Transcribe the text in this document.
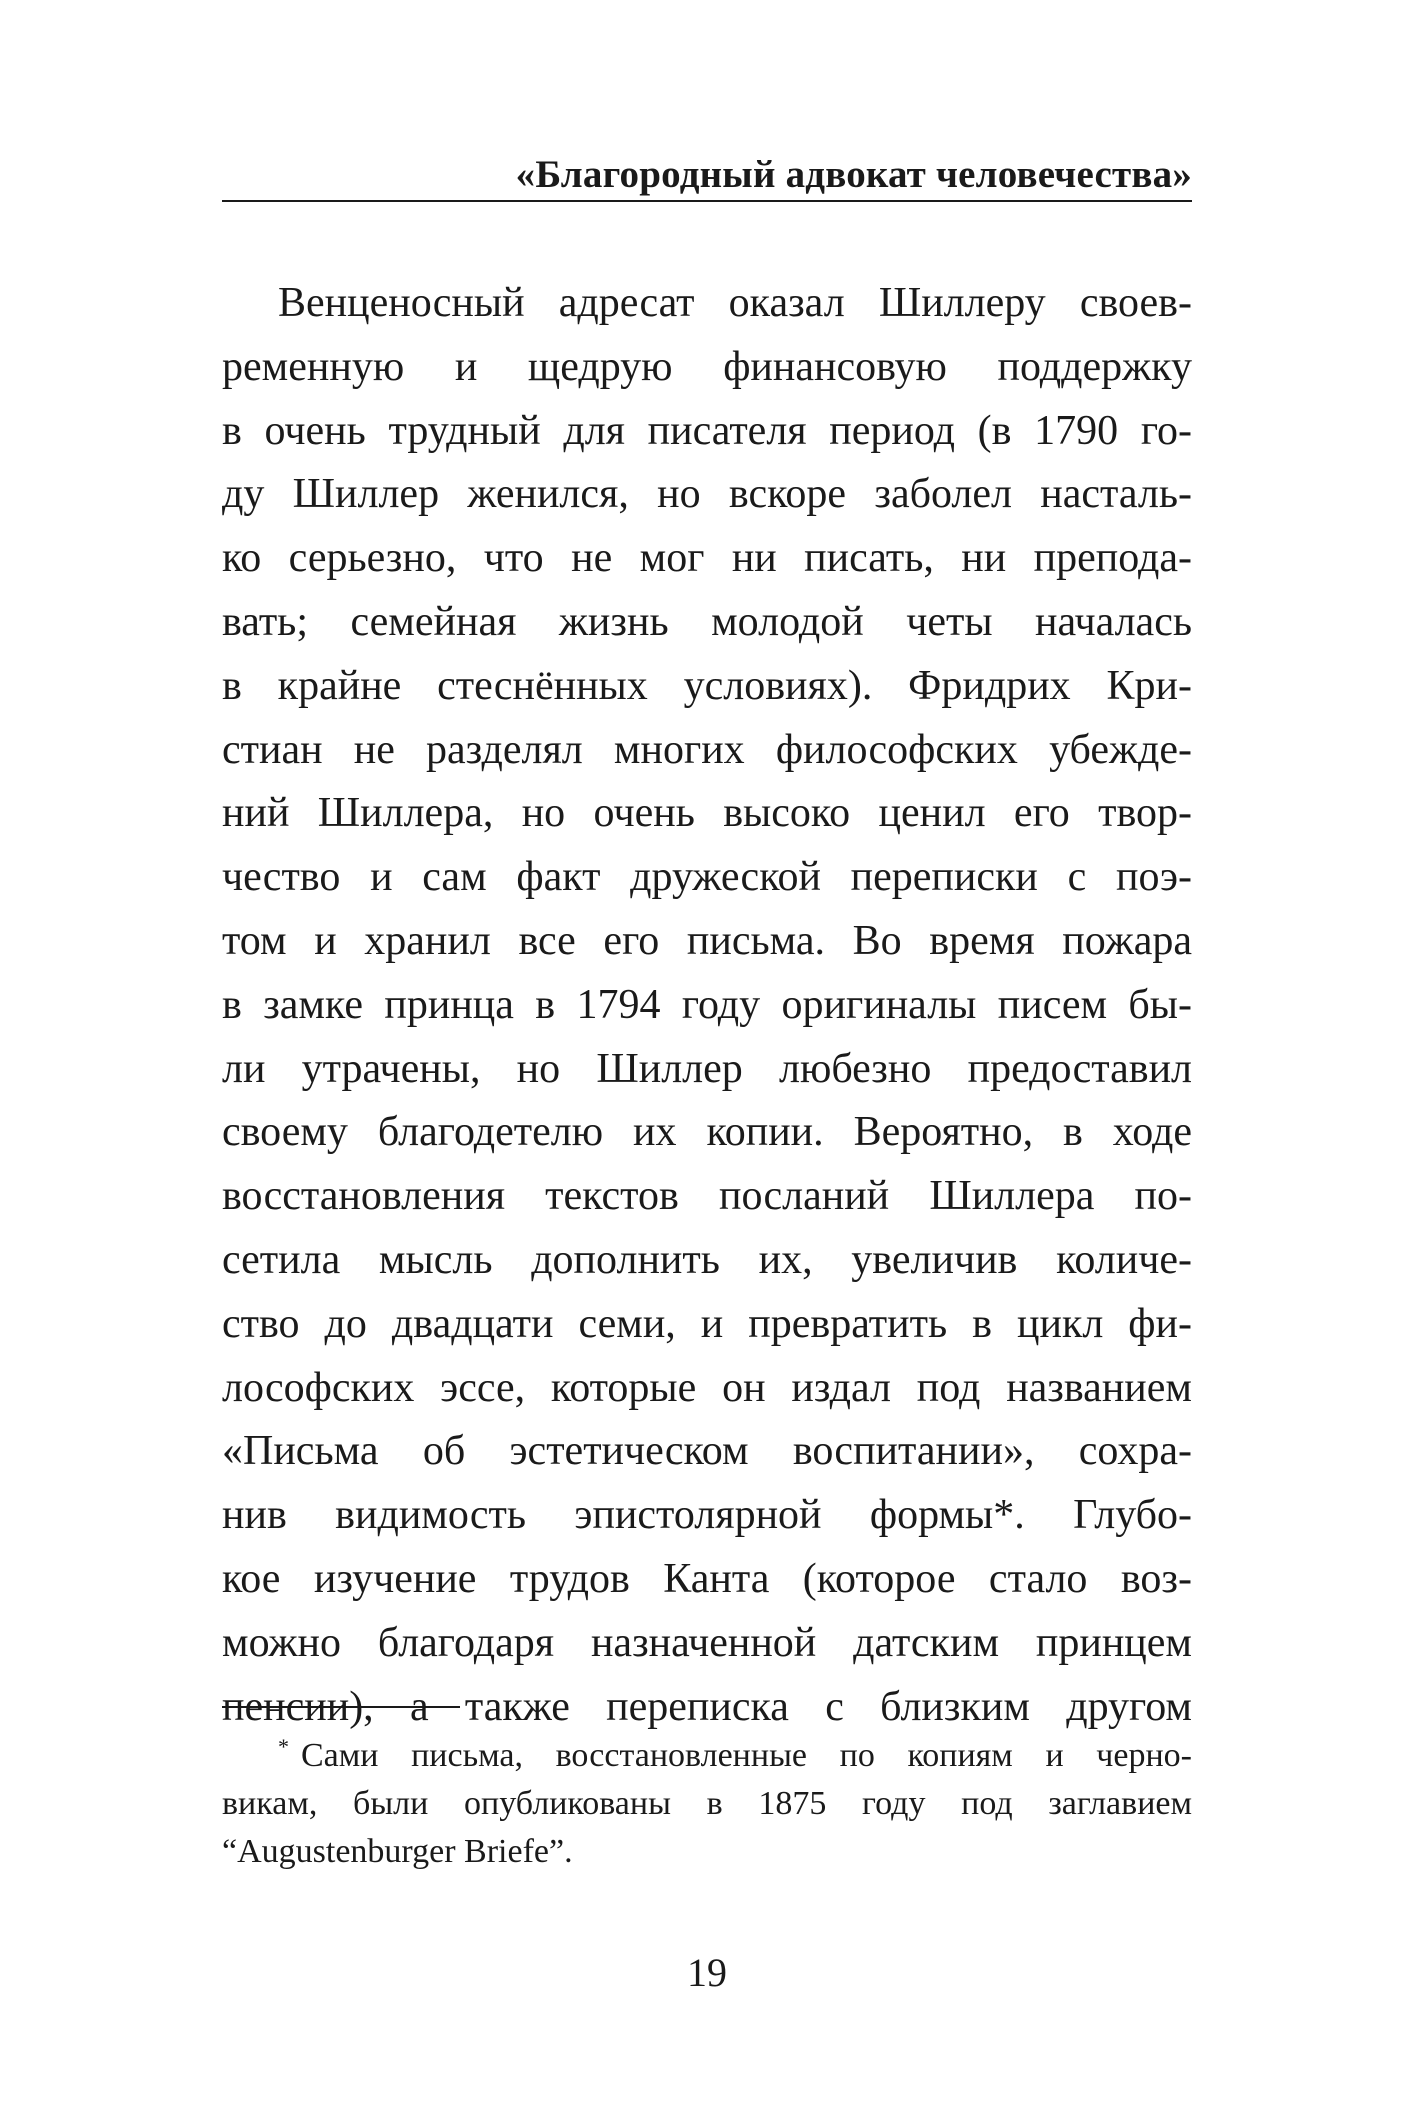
«Благородный адвокат человечества»
Венценосный адресат оказал Шиллеру своев-
ременную и щедрую финансовую поддержку
в очень трудный для писателя период (в 1790 го-
ду Шиллер женился, но вскоре заболел насталь-
ко серьезно, что не мог ни писать, ни препода-
вать; семейная жизнь молодой четы началась
в крайне стеснённых условиях). Фридрих Кри-
стиан не разделял многих философских убежде-
ний Шиллера, но очень высоко ценил его твор-
чество и сам факт дружеской переписки с поэ-
том и хранил все его письма. Во время пожара
в замке принца в 1794 году оригиналы писем бы-
ли утрачены, но Шиллер любезно предоставил
своему благодетелю их копии. Вероятно, в ходе
восстановления текстов посланий Шиллера по-
сетила мысль дополнить их, увеличив количе-
ство до двадцати семи, и превратить в цикл фи-
лософских эссе, которые он издал под названием
«Письма об эстетическом воспитании», сохра-
нив видимость эпистолярной формы*. Глубо-
кое изучение трудов Канта (которое стало воз-
можно благодаря назначенной датским принцем
пенсии), а также переписка с близким другом
* Сами письма, восстановленные по копиям и черно-
викам, были опубликованы в 1875 году под заглавием
“Augustenburger Briefe”.
19
